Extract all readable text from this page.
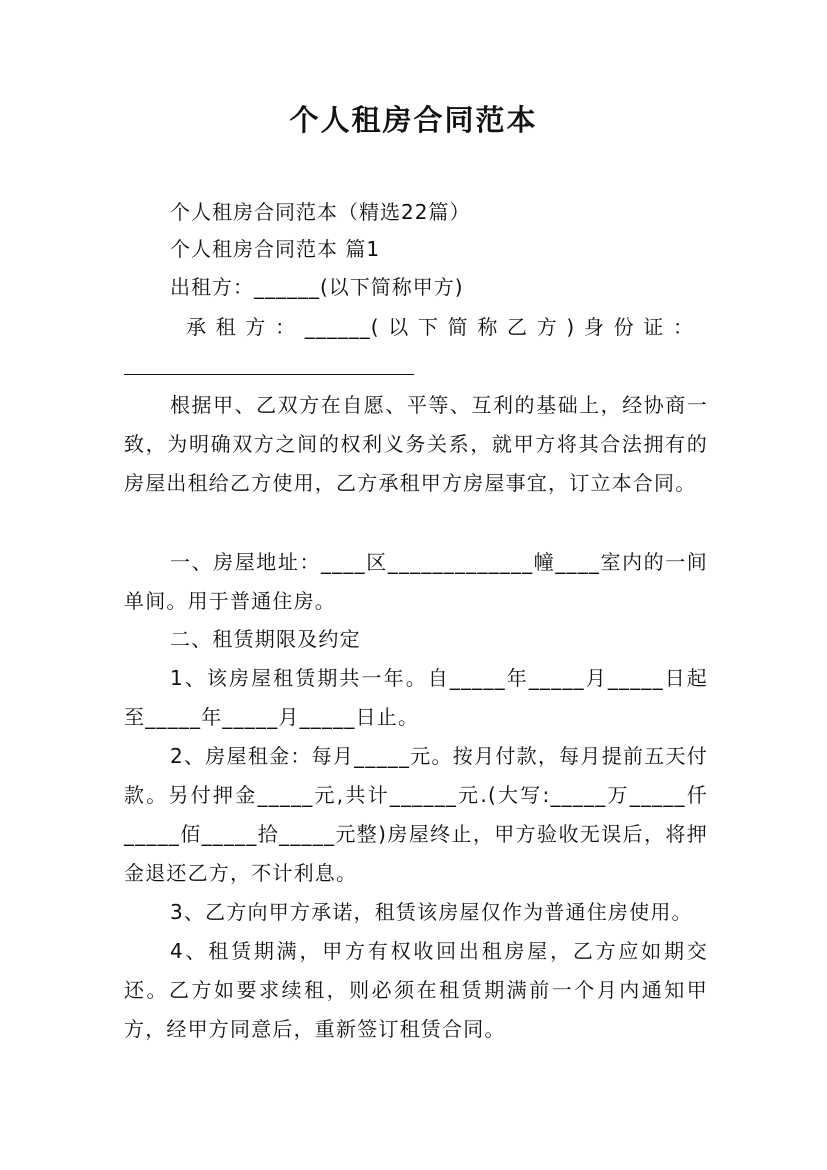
个人租房合同范本
个人租房合同范本（精选22篇）
个人租房合同范本 篇1
出租方：______(以下简称甲方)
承 租 方 ： ______( 以 下 简 称 乙 方 ) 身 份 证 ：
根据甲、乙双方在自愿、平等、互利的基础上，经协商一致，为明确双方之间的权利义务关系，就甲方将其合法拥有的房屋出租给乙方使用，乙方承租甲方房屋事宜，订立本合同。
一、房屋地址：____区_____________幢____室内的一间单间。用于普通住房。
二、租赁期限及约定
1、该房屋租赁期共一年。自_____年_____月_____日起至_____年_____月_____日止。
2、房屋租金：每月_____元。按月付款，每月提前五天付款。另付押金_____元,共计______元.(大写:_____万_____仟_____佰_____拾_____元整)房屋终止，甲方验收无误后，将押金退还乙方，不计利息。
3、乙方向甲方承诺，租赁该房屋仅作为普通住房使用。
4、租赁期满，甲方有权收回出租房屋，乙方应如期交还。乙方如要求续租，则必须在租赁期满前一个月内通知甲方，经甲方同意后，重新签订租赁合同。
